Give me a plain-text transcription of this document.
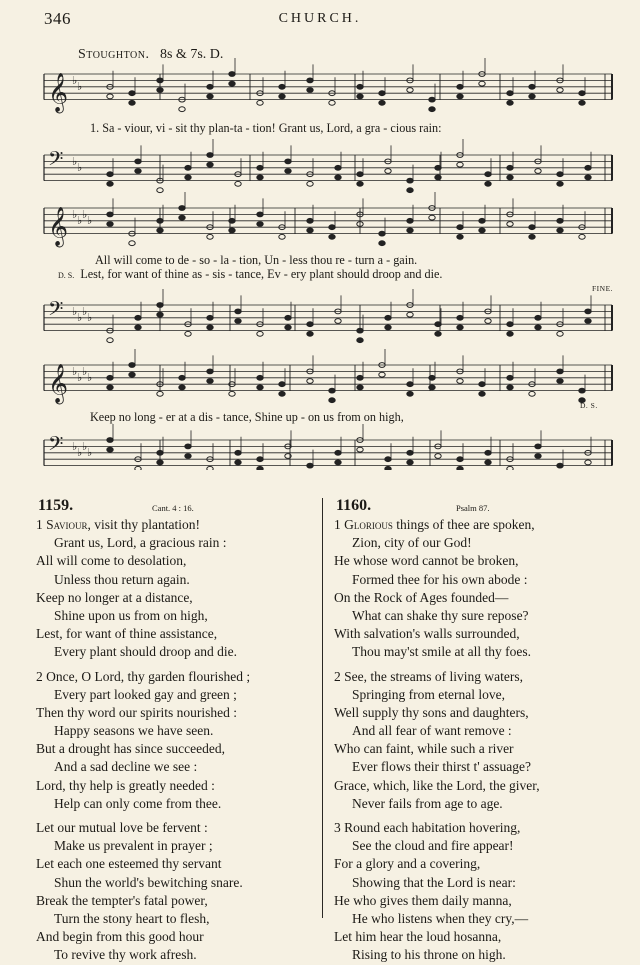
346	CHURCH.
Stoughton. 8s & 7s. D.
𝄞 ♭ ♭
𝄢 ♭ ♭
𝄞 ♭ ♭ ♭ ♭
𝄢 ♭ ♭ ♭ ♭
𝄞 ♭ ♭ ♭ ♭
𝄢 ♭ ♭ ♭ ♭
1. Sa - viour, vi - sit thy plan-ta - tion! Grant us, Lord, a gra - cious rain:
All will come to de - so - la - tion, Un - less thou re - turn a - gain.
D. S. Lest, for want of thine as - sis - tance, Ev - ery plant should droop and die.
FINE.
D. S.
Keep no long - er at a dis - tance, Shine up - on us from on high,
1159.	Cant. 4 : 16.
1 Saviour, visit thy plantation!
Grant us, Lord, a gracious rain :
All will come to desolation,
Unless thou return again.
Keep no longer at a distance,
Shine upon us from on high,
Lest, for want of thine assistance,
Every plant should droop and die.
2 Once, O Lord, thy garden flourished ;
Every part looked gay and green ;
Then thy word our spirits nourished :
Happy seasons we have seen.
But a drought has since succeeded,
And a sad decline we see :
Lord, thy help is greatly needed :
Help can only come from thee.
Let our mutual love be fervent :
Make us prevalent in prayer ;
Let each one esteemed thy servant
Shun the world's bewitching snare.
Break the tempter's fatal power,
Turn the stony heart to flesh,
And begin from this good hour
To revive thy work afresh.
1160.	Psalm 87.
1 Glorious things of thee are spoken,
Zion, city of our God!
He whose word cannot be broken,
Formed thee for his own abode :
On the Rock of Ages founded—
What can shake thy sure repose?
With salvation's walls surrounded,
Thou may'st smile at all thy foes.
2 See, the streams of living waters,
Springing from eternal love,
Well supply thy sons and daughters,
And all fear of want remove :
Who can faint, while such a river
Ever flows their thirst t' assuage?
Grace, which, like the Lord, the giver,
Never fails from age to age.
3 Round each habitation hovering,
See the cloud and fire appear!
For a glory and a covering,
Showing that the Lord is near:
He who gives them daily manna,
He who listens when they cry,—
Let him hear the loud hosanna,
Rising to his throne on high.
